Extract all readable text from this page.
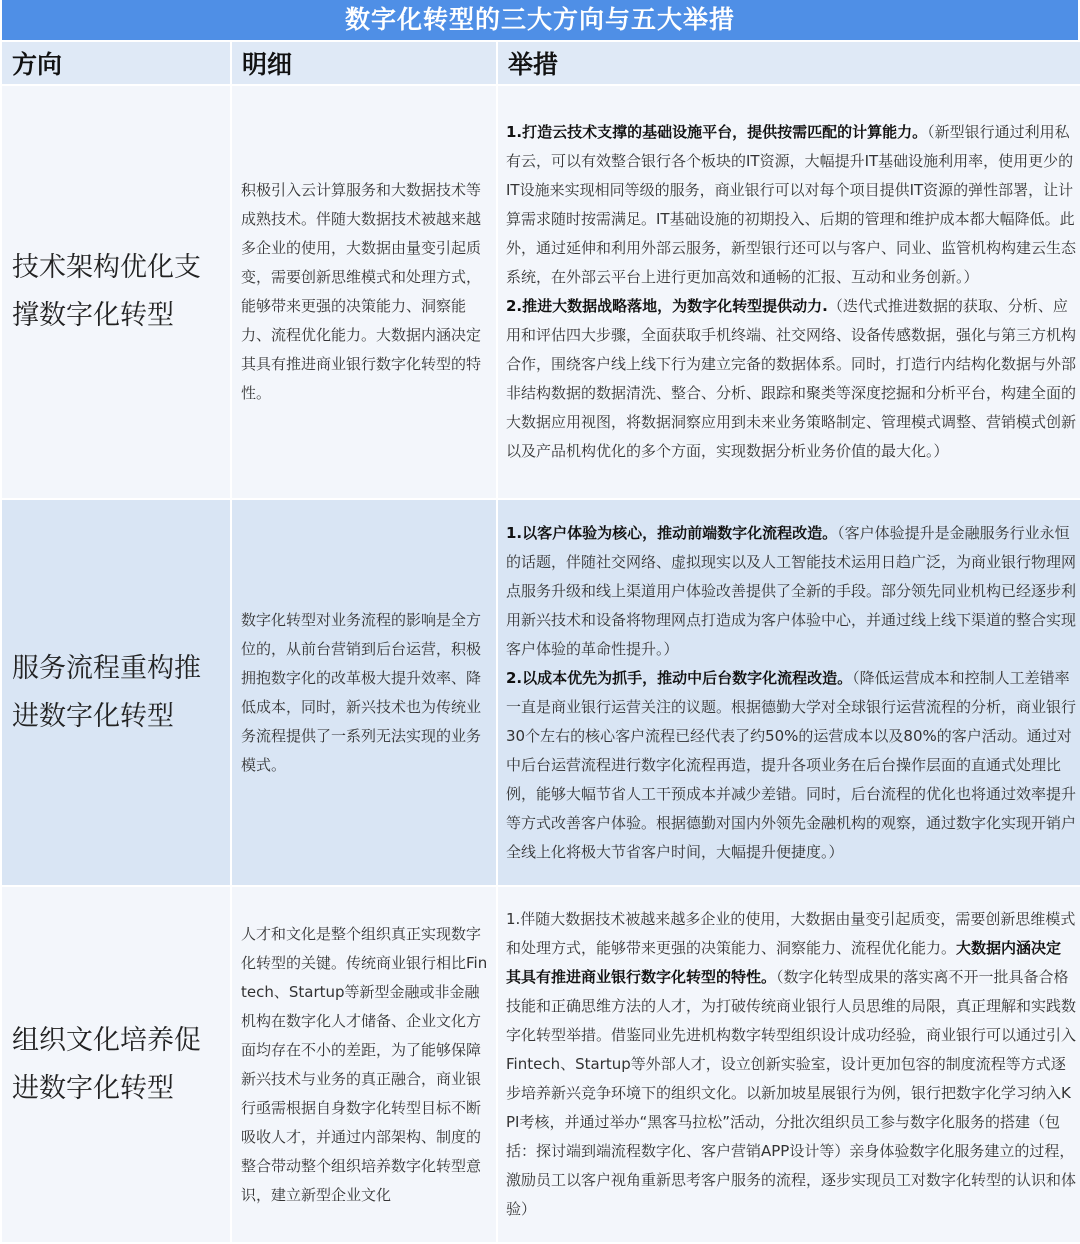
数字化转型的三大方向与五大举措
方向	明细	举措
技术架构优化支撑数字化转型	积极引入云计算服务和大数据技术等成熟技术。伴随大数据技术被越来越多企业的使用，大数据由量变引起质变，需要创新思维模式和处理方式，能够带来更强的决策能力、洞察能力、流程优化能力。大数据内涵决定其具有推进商业银行数字化转型的特性。	1.打造云技术支撑的基础设施平台，提供按需匹配的计算能力。（新型银行通过利用私有云，可以有效整合银行各个板块的IT资源，大幅提升IT基础设施利用率，使用更少的IT设施来实现相同等级的服务，商业银行可以对每个项目提供IT资源的弹性部署，让计算需求随时按需满足。IT基础设施的初期投入、后期的管理和维护成本都大幅降低。此外，通过延伸和利用外部云服务，新型银行还可以与客户、同业、监管机构构建云生态系统，在外部云平台上进行更加高效和通畅的汇报、互动和业务创新。）

2.推进大数据战略落地，为数字化转型提供动力.（迭代式推进数据的获取、分析、应用和评估四大步骤，全面获取手机终端、社交网络、设备传感数据，强化与第三方机构合作，围绕客户线上线下行为建立完备的数据体系。同时，打造行内结构化数据与外部非结构数据的数据清洗、整合、分析、跟踪和聚类等深度挖掘和分析平台，构建全面的大数据应用视图，将数据洞察应用到未来业务策略制定、管理模式调整、营销模式创新以及产品机构优化的多个方面，实现数据分析业务价值的最大化。）

服务流程重构推进数字化转型	数字化转型对业务流程的影响是全方位的，从前台营销到后台运营，积极拥抱数字化的改革极大提升效率、降低成本，同时，新兴技术也为传统业务流程提供了一系列无法实现的业务模式。	1.以客户体验为核心，推动前端数字化流程改造。（客户体验提升是金融服务行业永恒的话题，伴随社交网络、虚拟现实以及人工智能技术运用日趋广泛，为商业银行物理网点服务升级和线上渠道用户体验改善提供了全新的手段。部分领先同业机构已经逐步利用新兴技术和设备将物理网点打造成为客户体验中心，并通过线上线下渠道的整合实现客户体验的革命性提升。）

2.以成本优先为抓手，推动中后台数字化流程改造。（降低运营成本和控制人工差错率一直是商业银行运营关注的议题。根据德勤大学对全球银行运营流程的分析，商业银行30个左右的核心客户流程已经代表了约50%的运营成本以及80%的客户活动。通过对中后台运营流程进行数字化流程再造，提升各项业务在后台操作层面的直通式处理比例，能够大幅节省人工干预成本并减少差错。同时，后台流程的优化也将通过效率提升等方式改善客户体验。根据德勤对国内外领先金融机构的观察，通过数字化实现开销户全线上化将极大节省客户时间，大幅提升便捷度。）

组织文化培养促进数字化转型	人才和文化是整个组织真正实现数字化转型的关键。传统商业银行相比Fintech、Startup等新型金融或非金融机构在数字化人才储备、企业文化方面均存在不小的差距，为了能够保障新兴技术与业务的真正融合，商业银行亟需根据自身数字化转型目标不断吸收人才，并通过内部架构、制度的整合带动整个组织培养数字化转型意识，建立新型企业文化	1.伴随大数据技术被越来越多企业的使用，大数据由量变引起质变，需要创新思维模式和处理方式，能够带来更强的决策能力、洞察能力、流程优化能力。大数据内涵决定其具有推进商业银行数字化转型的特性。（数字化转型成果的落实离不开一批具备合格技能和正确思维方法的人才，为打破传统商业银行人员思维的局限，真正理解和实践数字化转型举措。借鉴同业先进机构数字转型组织设计成功经验，商业银行可以通过引入Fintech、Startup等外部人才，设立创新实验室，设计更加包容的制度流程等方式逐步培养新兴竞争环境下的组织文化。以新加坡星展银行为例，银行把数字化学习纳入KPI考核，并通过举办“黑客马拉松”活动，分批次组织员工参与数字化服务的搭建（包括：探讨端到端流程数字化、客户营销APP设计等）亲身体验数字化服务建立的过程，激励员工以客户视角重新思考客户服务的流程，逐步实现员工对数字化转型的认识和体验）
